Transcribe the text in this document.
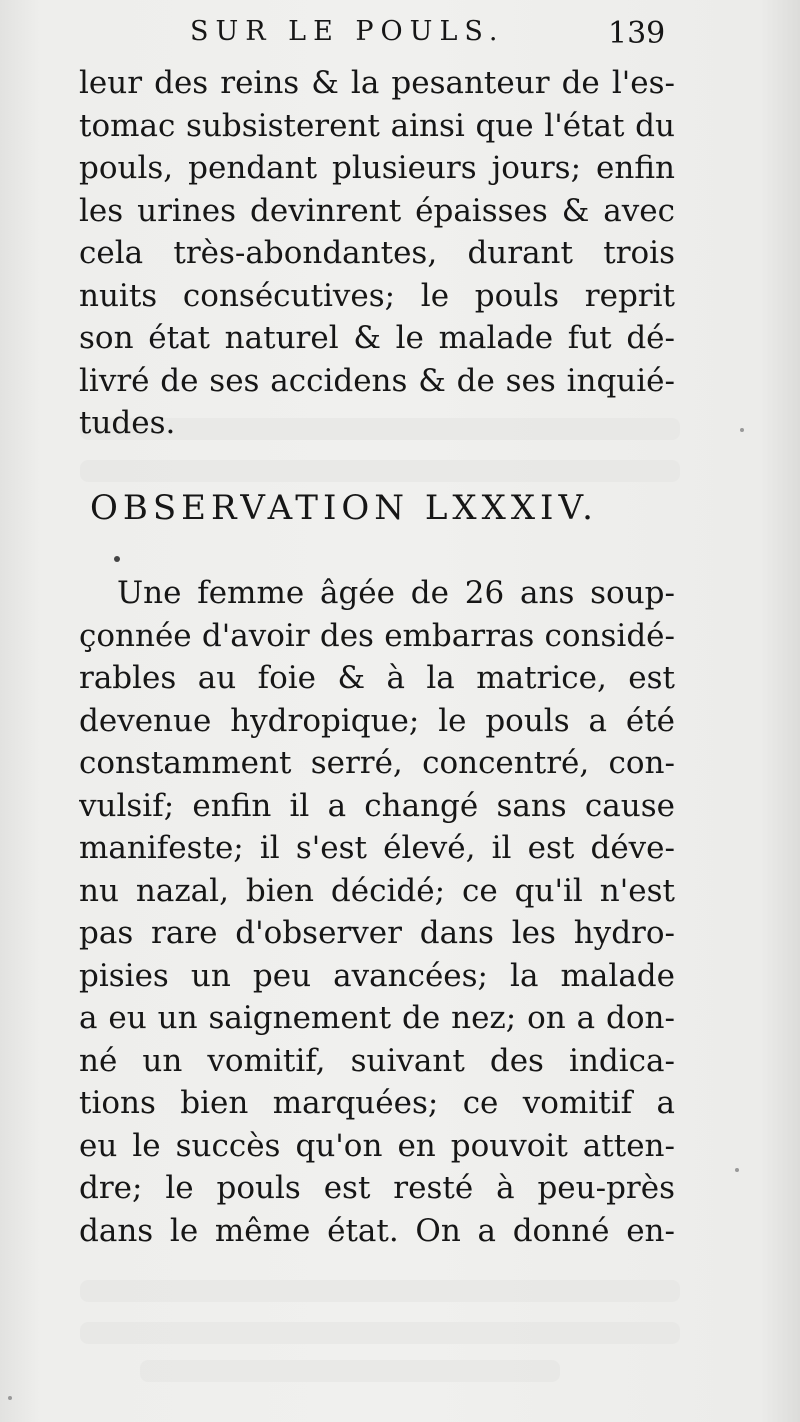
SUR LE POULS.	139
leur des reins & la pesanteur de l'es-
tomac subsisterent ainsi que l'état du
pouls, pendant plusieurs jours; enfin
les urines devinrent épaisses & avec
cela très-abondantes, durant trois
nuits consécutives; le pouls reprit
son état naturel & le malade fut dé-
livré de ses accidens & de ses inquié-
tudes.
OBSERVATION LXXXIV.
Une femme âgée de 26 ans soup-
çonnée d'avoir des embarras considé-
rables au foie & à la matrice, est
devenue hydropique; le pouls a été
constamment serré, concentré, con-
vulsif; enfin il a changé sans cause
manifeste; il s'est élevé, il est déve-
nu nazal, bien décidé; ce qu'il n'est
pas rare d'observer dans les hydro-
pisies un peu avancées; la malade
a eu un saignement de nez; on a don-
né un vomitif, suivant des indica-
tions bien marquées; ce vomitif a
eu le succès qu'on en pouvoit atten-
dre; le pouls est resté à peu-près
dans le même état. On a donné en-
